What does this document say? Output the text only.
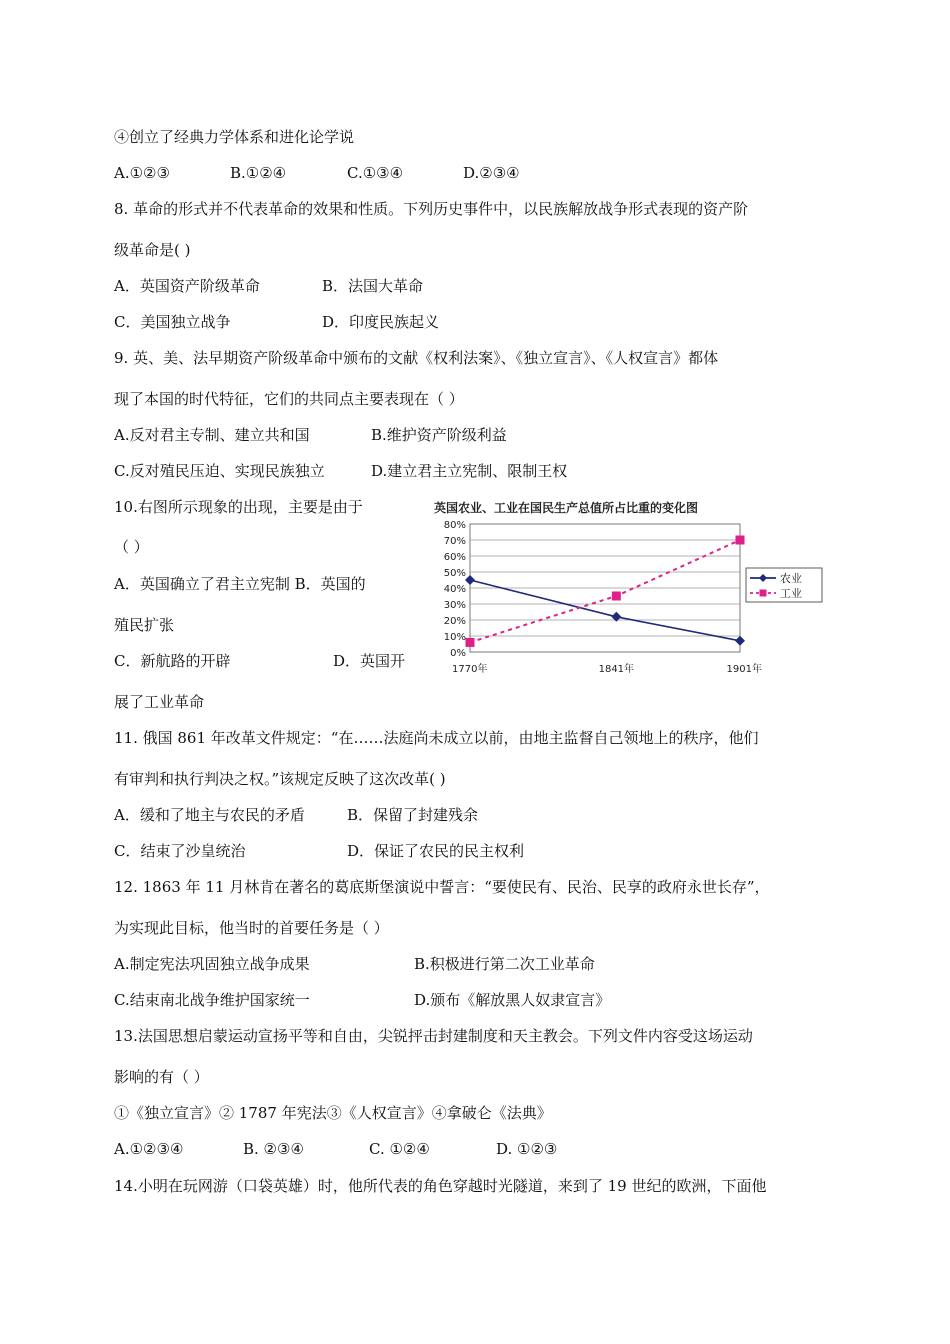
④创立了经典力学体系和进化论学说
A.①②③	B.①②④	C.①③④	D.②③④
8. 革命的形式并不代表革命的效果和性质。下列历史事件中，以民族解放战争形式表现的资产阶
级革命是( )
A．英国资产阶级革命	B．法国大革命
C．美国独立战争	D．印度民族起义
9. 英、美、法早期资产阶级革命中颁布的文献《权利法案》、《独立宣言》、《人权宣言》都体
现了本国的时代特征，它们的共同点主要表现在（ ）
A.反对君主专制、建立共和国	B.维护资产阶级利益
C.反对殖民压迫、实现民族独立	D.建立君主立宪制、限制王权
10.右图所示现象的出现，主要是由于
（ ）
A．英国确立了君主立宪制 B．英国的
殖民扩张
C．新航路的开辟	D．英国开
展了工业革命
英国农业、工业在国民生产总值所占比重的变化图
80%
70%
60%
50%
40%
30%
20%
10%
0%
1770年	1841年	1901年
农业
工业
11. 俄国 861 年改革文件规定：“在……法庭尚未成立以前，由地主监督自己领地上的秩序，他们
有审判和执行判决之权。”该规定反映了这次改革( )
A．缓和了地主与农民的矛盾	B．保留了封建残余
C．结束了沙皇统治	D．保证了农民的民主权利
12. 1863 年 11 月林肯在著名的葛底斯堡演说中誓言：“要使民有、民治、民享的政府永世长存”，
为实现此目标，他当时的首要任务是（ ）
A.制定宪法巩固独立战争成果	B.积极进行第二次工业革命
C.结束南北战争维护国家统一	D.颁布《解放黑人奴隶宣言》
13.法国思想启蒙运动宣扬平等和自由，尖锐抨击封建制度和天主教会。下列文件内容受这场运动
影响的有（ ）
①《独立宣言》② 1787 年宪法③《人权宣言》④拿破仑《法典》
A.①②③④	B. ②③④	C. ①②④	D. ①②③
14.小明在玩网游（口袋英雄）时，他所代表的角色穿越时光隧道，来到了 19 世纪的欧洲，下面他
